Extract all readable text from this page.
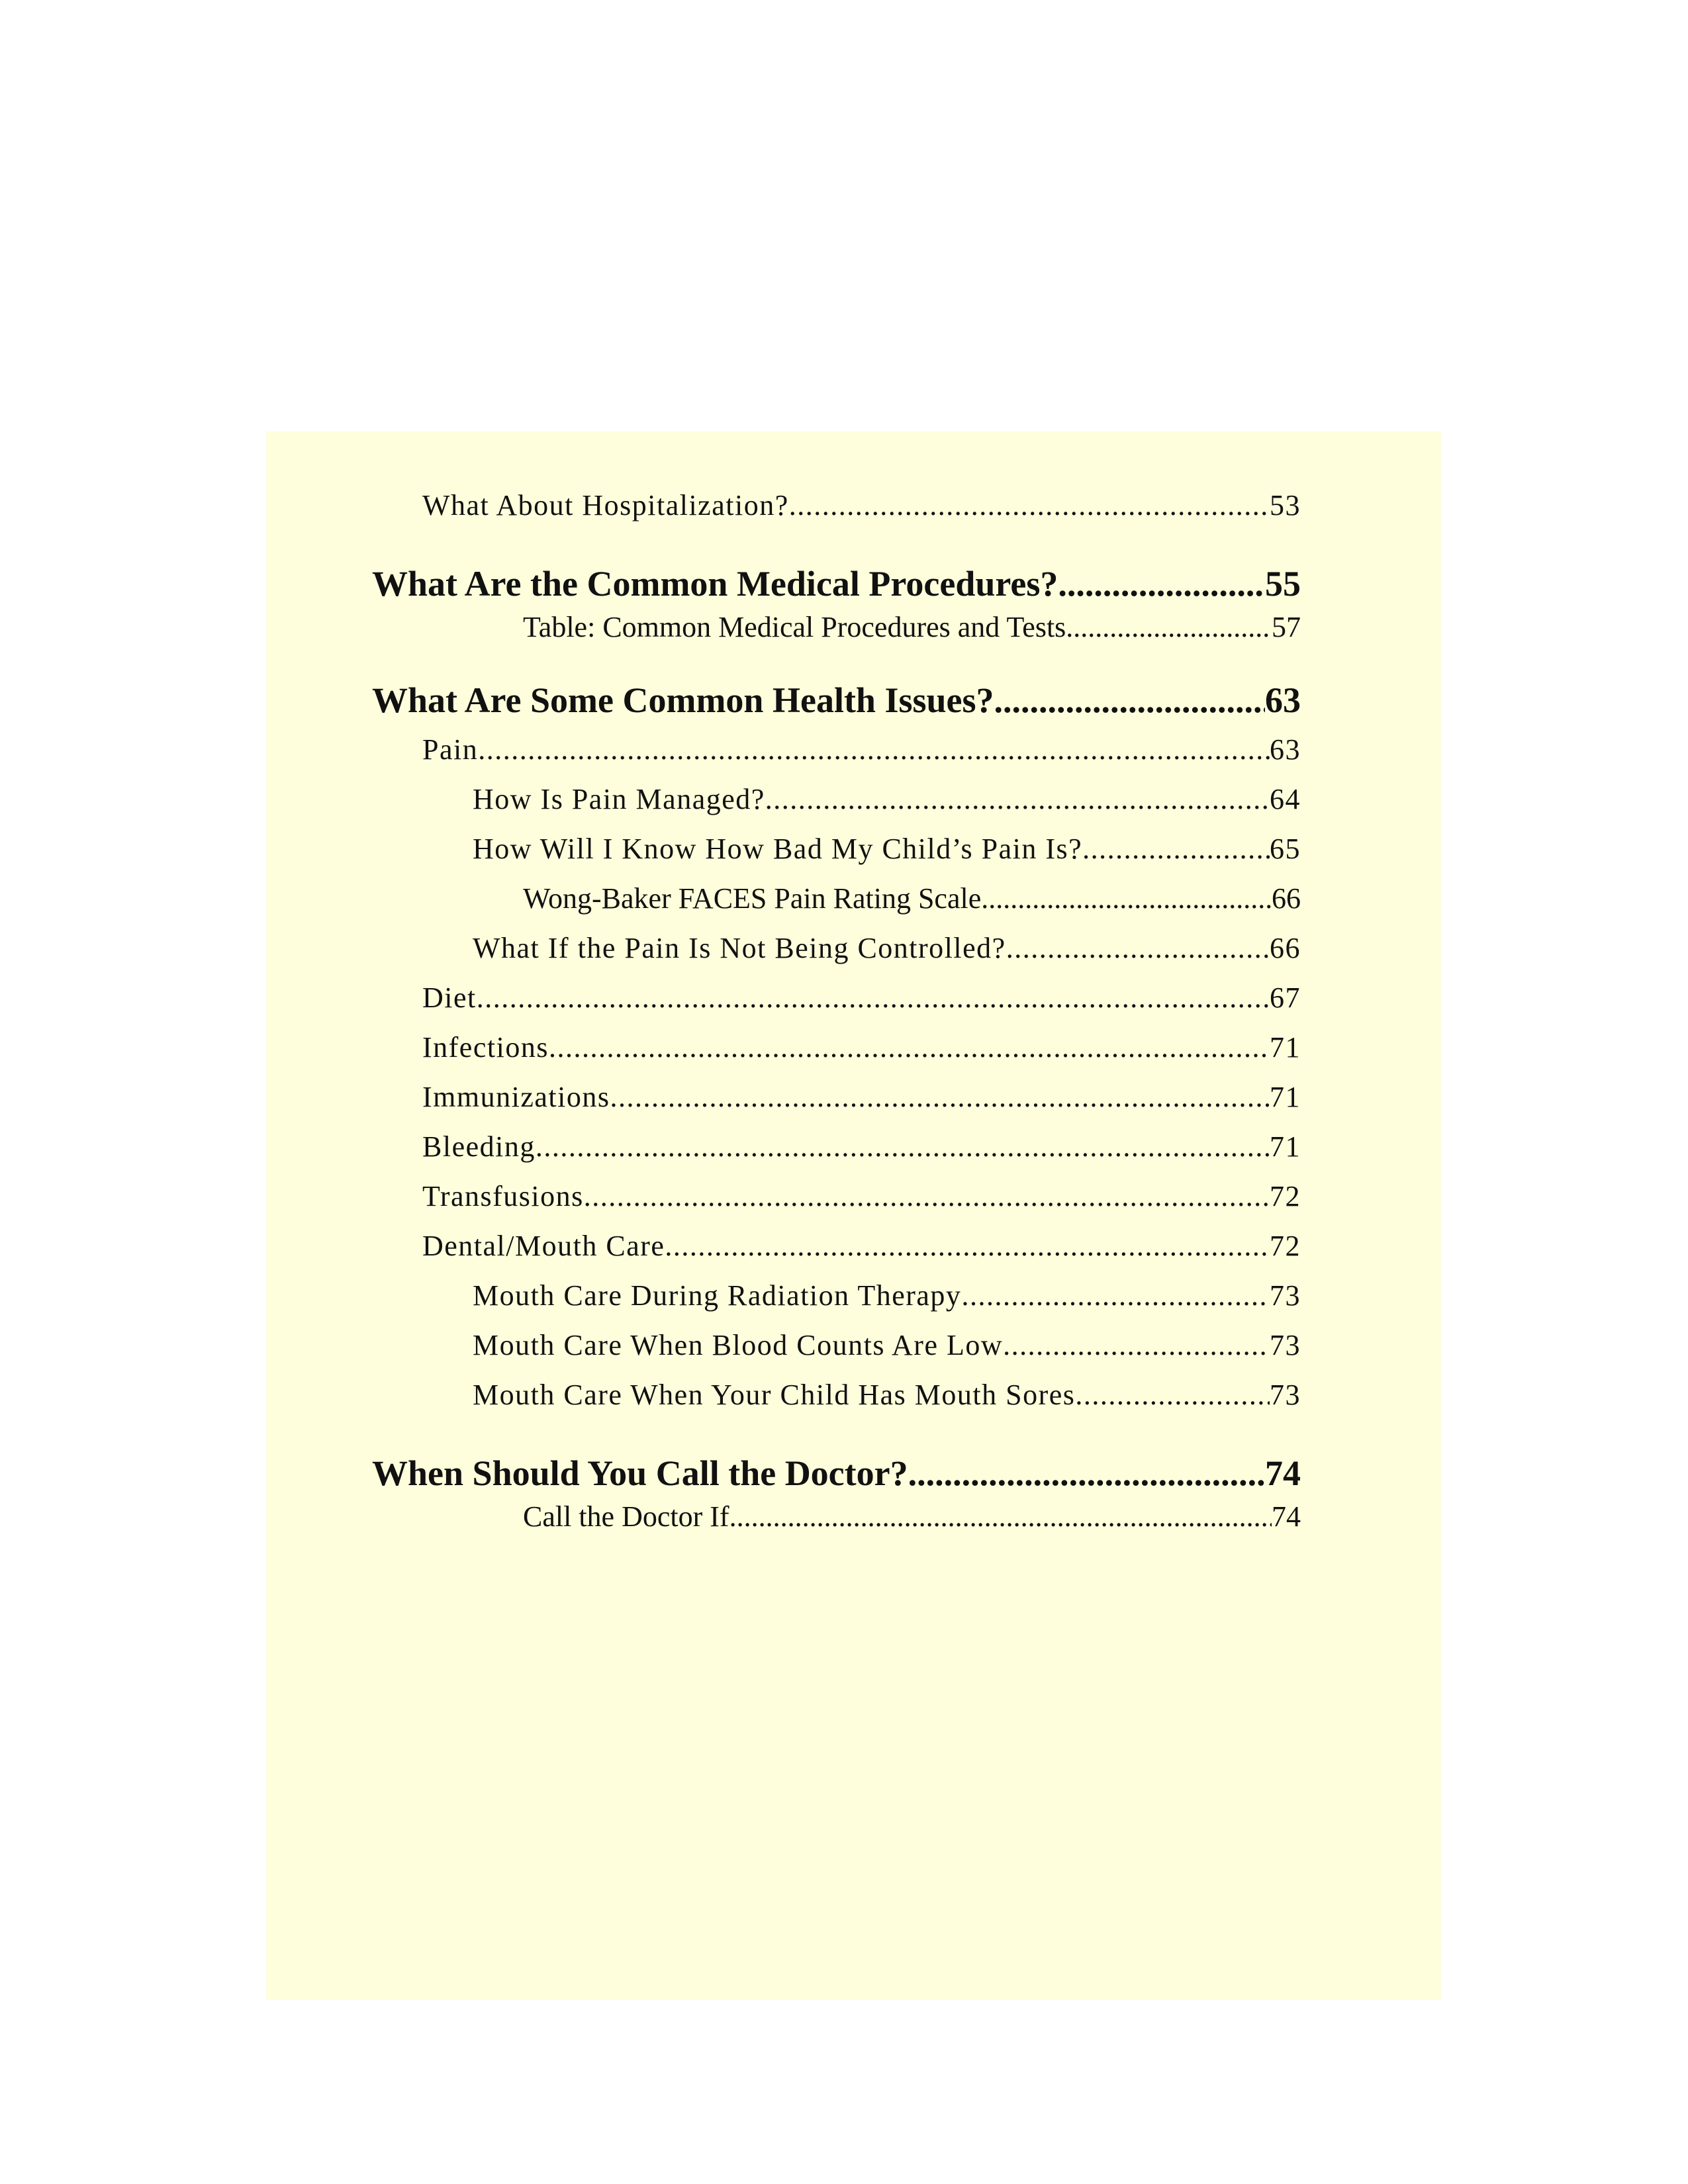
What About Hospitalization? .....	53
What Are the Common Medical Procedures? .....	55
Table: Common Medical Procedures and Tests .....	57
What Are Some Common Health Issues? .....	63
Pain .....	63
How Is Pain Managed? .....	64
How Will I Know How Bad My Child’s Pain Is? .....	65
Wong-Baker FACES Pain Rating Scale .....	66
What If the Pain Is Not Being Controlled? .....	66
Diet .....	67
Infections .....	71
Immunizations .....	71
Bleeding .....	71
Transfusions .....	72
Dental/Mouth Care .....	72
Mouth Care During Radiation Therapy .....	73
Mouth Care When Blood Counts Are Low .....	73
Mouth Care When Your Child Has Mouth Sores .....	73
When Should You Call the Doctor? .....	74
Call the Doctor If .....	74
